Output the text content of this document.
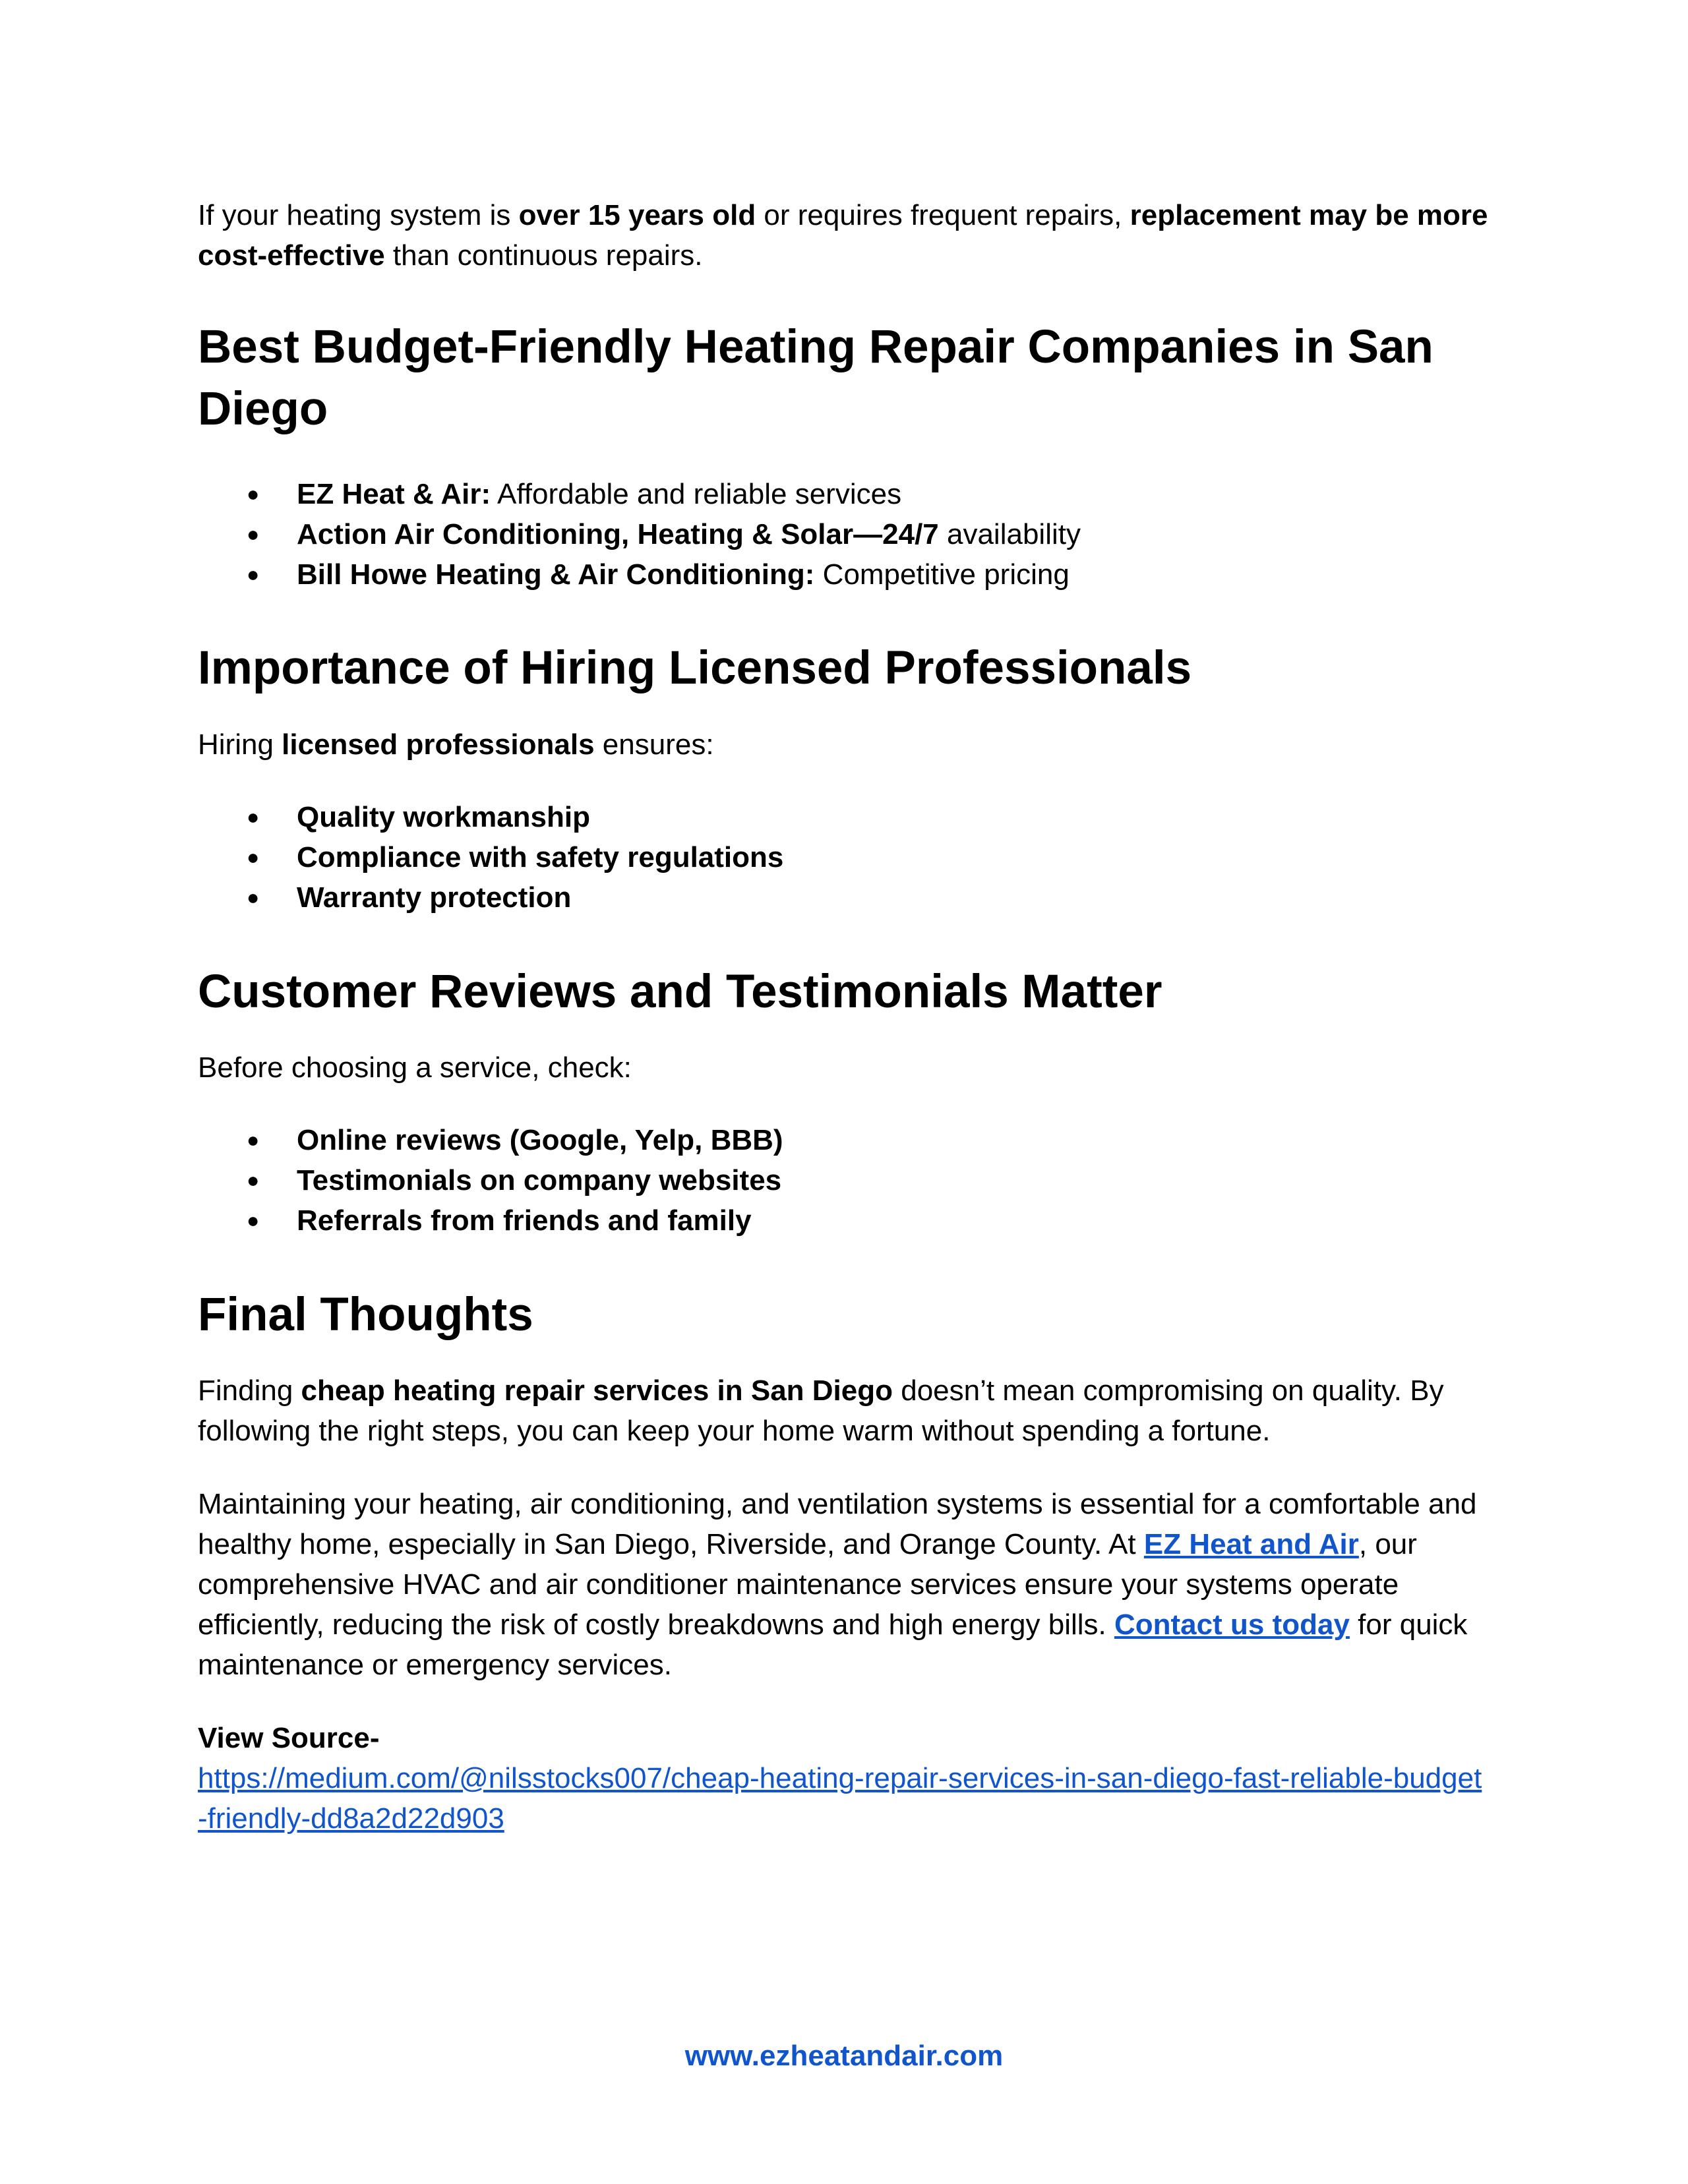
If your heating system is over 15 years old or requires frequent repairs, replacement may be more cost-effective than continuous repairs.

Best Budget-Friendly Heating Repair Companies in San Diego
● EZ Heat & Air: Affordable and reliable services
● Action Air Conditioning, Heating & Solar—24/7 availability
● Bill Howe Heating & Air Conditioning: Competitive pricing
Importance of Hiring Licensed Professionals

Hiring licensed professionals ensures:

● Quality workmanship
● Compliance with safety regulations
● Warranty protection
Customer Reviews and Testimonials Matter

Before choosing a service, check:

● Online reviews (Google, Yelp, BBB)
● Testimonials on company websites
● Referrals from friends and family
Final Thoughts

Finding cheap heating repair services in San Diego doesn’t mean compromising on quality. By following the right steps, you can keep your home warm without spending a fortune.

Maintaining your heating, air conditioning, and ventilation systems is essential for a comfortable and healthy home, especially in San Diego, Riverside, and Orange County. At EZ Heat and Air, our comprehensive HVAC and air conditioner maintenance services ensure your systems operate efficiently, reducing the risk of costly breakdowns and high energy bills. Contact us today for quick maintenance or emergency services.

View Source-

https://medium.com/@nilsstocks007/cheap-heating-repair-services-in-san-diego-fast-reliable-budget-friendly-dd8a2d22d903

www.ezheatandair.com
